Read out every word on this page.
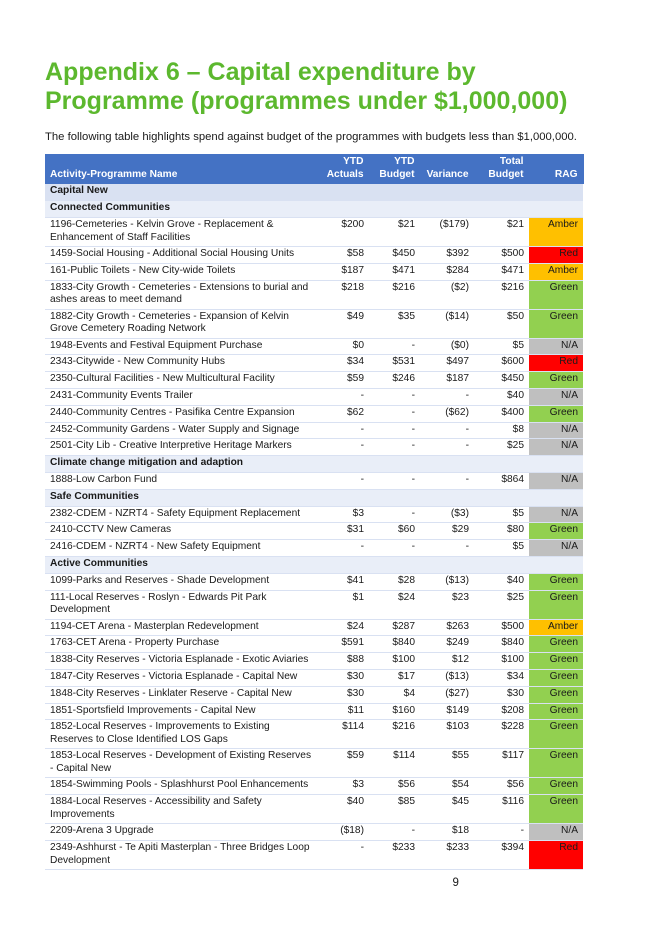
Appendix 6 – Capital expenditure by Programme (programmes under $1,000,000)
The following table highlights spend against budget of the programmes with budgets less than $1,000,000.
Activity-Programme Name	YTD Actuals	YTD Budget	Variance	Total Budget	RAG
Capital New					
Connected Communities					
1196-Cemeteries - Kelvin Grove - Replacement & Enhancement of Staff Facilities	$200	$21	($179)	$21	Amber
1459-Social Housing - Additional Social Housing Units	$58	$450	$392	$500	Red
161-Public Toilets - New City-wide Toilets	$187	$471	$284	$471	Amber
1833-City Growth - Cemeteries - Extensions to burial and ashes areas to meet demand	$218	$216	($2)	$216	Green
1882-City Growth - Cemeteries - Expansion of Kelvin Grove Cemetery Roading Network	$49	$35	($14)	$50	Green
1948-Events and Festival Equipment Purchase	$0	-	($0)	$5	N/A
2343-Citywide - New Community Hubs	$34	$531	$497	$600	Red
2350-Cultural Facilities - New Multicultural Facility	$59	$246	$187	$450	Green
2431-Community Events Trailer	-	-	-	$40	N/A
2440-Community Centres - Pasifika Centre Expansion	$62	-	($62)	$400	Green
2452-Community Gardens - Water Supply and Signage	-	-	-	$8	N/A
2501-City Lib - Creative Interpretive Heritage Markers	-	-	-	$25	N/A
Climate change mitigation and adaption					
1888-Low Carbon Fund	-	-	-	$864	N/A
Safe Communities					
2382-CDEM - NZRT4 - Safety Equipment Replacement	$3	-	($3)	$5	N/A
2410-CCTV New Cameras	$31	$60	$29	$80	Green
2416-CDEM - NZRT4 - New Safety Equipment	-	-	-	$5	N/A
Active Communities					
1099-Parks and Reserves - Shade Development	$41	$28	($13)	$40	Green
111-Local Reserves - Roslyn - Edwards Pit Park Development	$1	$24	$23	$25	Green
1194-CET Arena - Masterplan Redevelopment	$24	$287	$263	$500	Amber
1763-CET Arena - Property Purchase	$591	$840	$249	$840	Green
1838-City Reserves - Victoria Esplanade - Exotic Aviaries	$88	$100	$12	$100	Green
1847-City Reserves - Victoria Esplanade - Capital New	$30	$17	($13)	$34	Green
1848-City Reserves - Linklater Reserve - Capital New	$30	$4	($27)	$30	Green
1851-Sportsfield Improvements - Capital New	$11	$160	$149	$208	Green
1852-Local Reserves - Improvements to Existing Reserves to Close Identified LOS Gaps	$114	$216	$103	$228	Green
1853-Local Reserves - Development of Existing Reserves - Capital New	$59	$114	$55	$117	Green
1854-Swimming Pools - Splashhurst Pool Enhancements	$3	$56	$54	$56	Green
1884-Local Reserves - Accessibility and Safety Improvements	$40	$85	$45	$116	Green
2209-Arena 3 Upgrade	($18)	-	$18	-	N/A
2349-Ashhurst - Te Apiti Masterplan - Three Bridges Loop Development	-	$233	$233	$394	Red
9
